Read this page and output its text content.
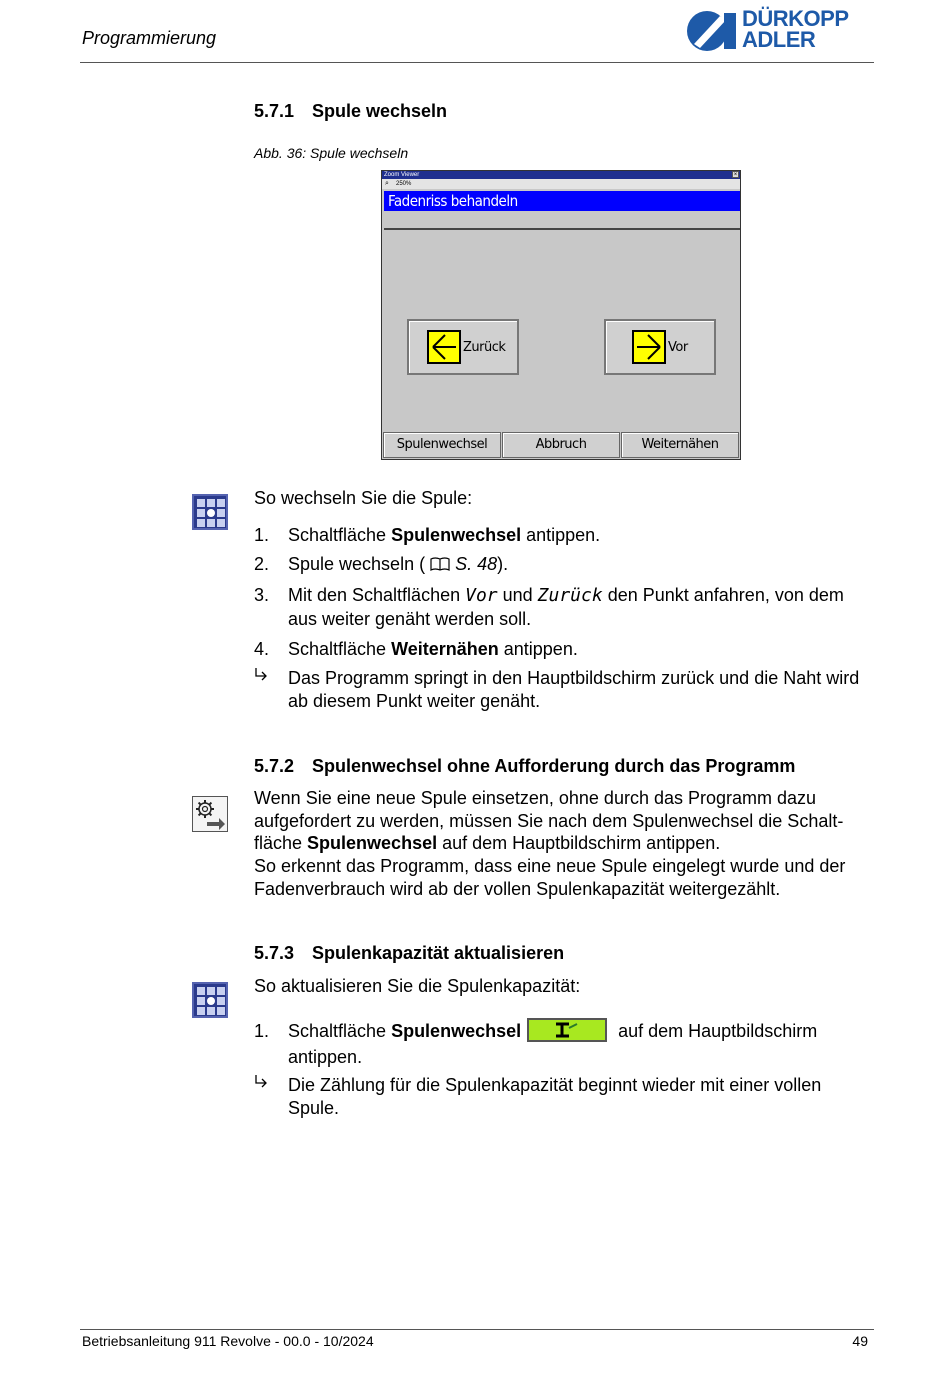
Programmierung
DÜRKOPP
ADLER
5.7.1 Spule wechseln
Abb. 36: Spule wechseln
Zoom Viewer	×
250%
⌕
Fadenriss behandeln
Zurück	Vor
Spulenwechsel	Abbruch	Weiternähen
So wechseln Sie die Spule:
1. Schaltfläche Spulenwechsel antippen.
2. Spule wechseln ( S. 48).
3. Mit den Schaltflächen Vor und Zurück den Punkt anfahren, von dem aus weiter genäht werden soll.
4. Schaltfläche Weiternähen antippen.
Das Programm springt in den Hauptbildschirm zurück und die Naht wird ab diesem Punkt weiter genäht.
5.7.2 Spulenwechsel ohne Aufforderung durch das Programm
Wenn Sie eine neue Spule einsetzen, ohne durch das Programm dazu aufgefordert zu werden, müssen Sie nach dem Spulenwechsel die Schalt-fläche Spulenwechsel auf dem Hauptbildschirm antippen.
So erkennt das Programm, dass eine neue Spule eingelegt wurde und der Fadenverbrauch wird ab der vollen Spulenkapazität weitergezählt.
5.7.3 Spulenkapazität aktualisieren
So aktualisieren Sie die Spulenkapazität:
1. Schaltfläche Spulenwechsel	auf dem Hauptbildschirm antippen.
Die Zählung für die Spulenkapazität beginnt wieder mit einer vollen Spule.
Betriebsanleitung 911 Revolve - 00.0 - 10/2024	49
